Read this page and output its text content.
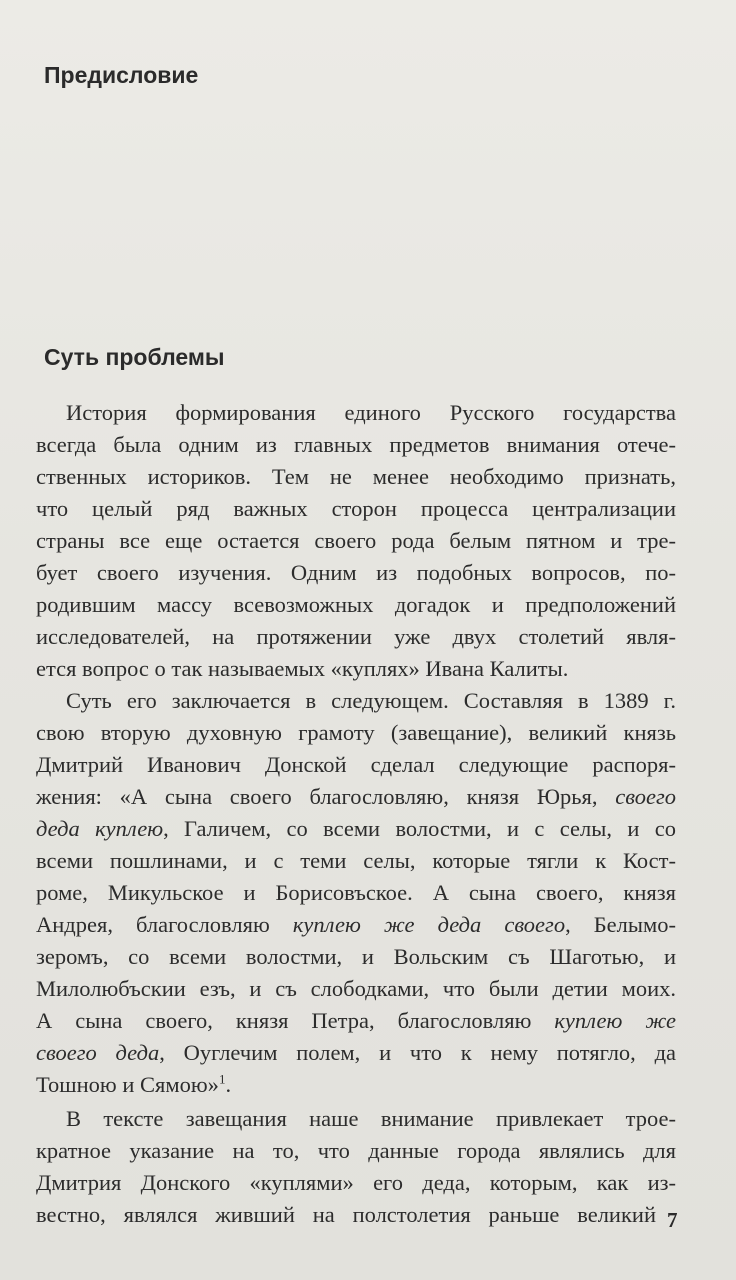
Предисловие
Суть проблемы
История формирования единого Русского государства
всегда была одним из главных предметов внимания отече-
ственных историков. Тем не менее необходимо признать,
что целый ряд важных сторон процесса централизации
страны все еще остается своего рода белым пятном и тре-
бует своего изучения. Одним из подобных вопросов, по-
родившим массу всевозможных догадок и предположений
исследователей, на протяжении уже двух столетий явля-
ется вопрос о так называемых «куплях» Ивана Калиты.
Суть его заключается в следующем. Составляя в 1389 г.
свою вторую духовную грамоту (завещание), великий князь
Дмитрий Иванович Донской сделал следующие распоря-
жения: «А сына своего благословляю, князя Юрья, своего
деда куплею, Галичем, со всеми волостми, и с селы, и со
всеми пошлинами, и с теми селы, которые тягли к Кост-
роме, Микульское и Борисовъское. А сына своего, князя
Андрея, благословляю куплею же деда своего, Белымо-
зеромъ, со всеми волостми, и Вольским съ Шаготью, и
Милолюбъскии езъ, и съ слободками, что были детии моих.
А сына своего, князя Петра, благословляю куплею же
своего деда, Оуглечим полем, и что к нему потягло, да
Тошною и Сямою»$^1$.
В тексте завещания наше внимание привлекает трое-
кратное указание на то, что данные города являлись для
Дмитрия Донского «куплями» его деда, которым, как из-
вестно, являлся живший на полстолетия раньше великий 7
